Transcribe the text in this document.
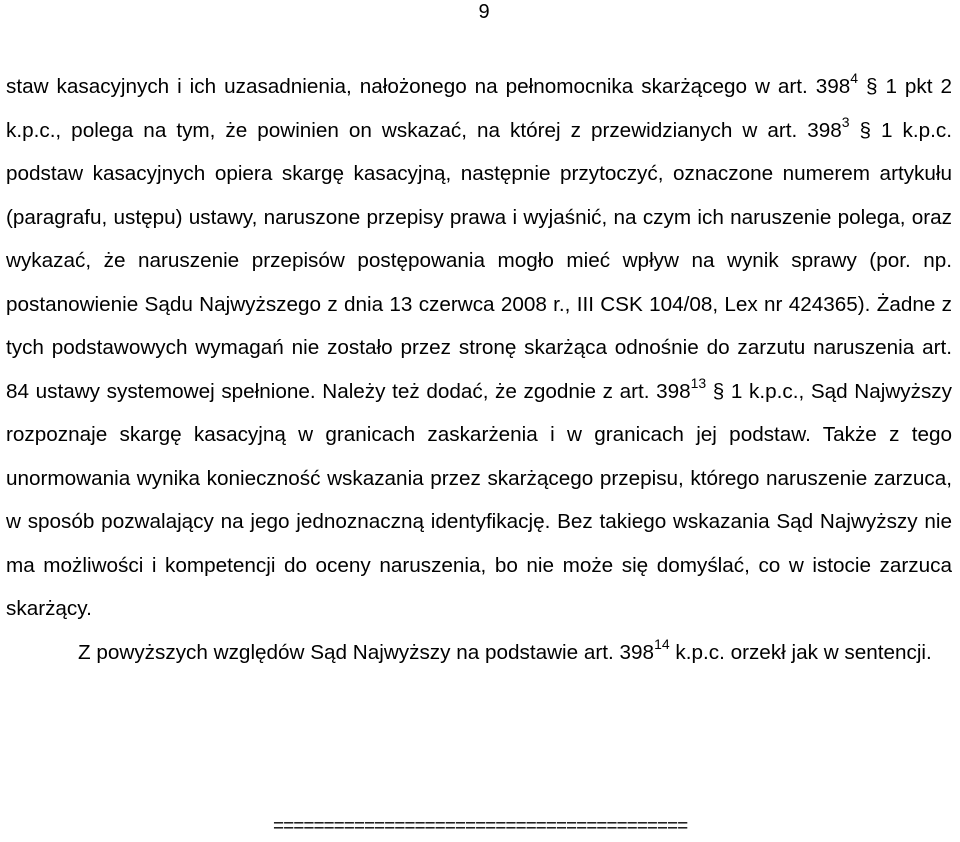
9

staw kasacyjnych i ich uzasadnienia, nałożonego na pełnomocnika skarżącego w art. $398^4$ § 1 pkt 2 k.p.c., polega na tym, że powinien on wskazać, na której z przewidzianych w art. $398^3$ § 1 k.p.c. podstaw kasacyjnych opiera skargę kasacyjną, następnie przytoczyć, oznaczone numerem artykułu (paragrafu, ustępu) ustawy, naruszone przepisy prawa i wyjaśnić, na czym ich naruszenie polega, oraz wykazać, że naruszenie przepisów postępowania mogło mieć wpływ na wynik sprawy (por. np. postanowienie Sądu Najwyższego z dnia 13 czerwca 2008 r., III CSK 104/08, Lex nr 424365). Żadne z tych podstawowych wymagań nie zostało przez stronę skarżąca odnośnie do zarzutu naruszenia art. 84 ustawy systemowej spełnione. Należy też dodać, że zgodnie z art. $398^{13}$ § 1 k.p.c., Sąd Najwyższy rozpoznaje skargę kasacyjną w granicach zaskarżenia i w granicach jej podstaw. Także z tego unormowania wynika konieczność wskazania przez skarżącego przepisu, którego naruszenie zarzuca, w sposób pozwalający na jego jednoznaczną identyfikację. Bez takiego wskazania Sąd Najwyższy nie ma możliwości i kompetencji do oceny naruszenia, bo nie może się domyślać, co w istocie zarzuca skarżący.

Z powyższych względów Sąd Najwyższy na podstawie art. $398^{14}$ k.p.c. orzekł jak w sentencji.

=========================================
